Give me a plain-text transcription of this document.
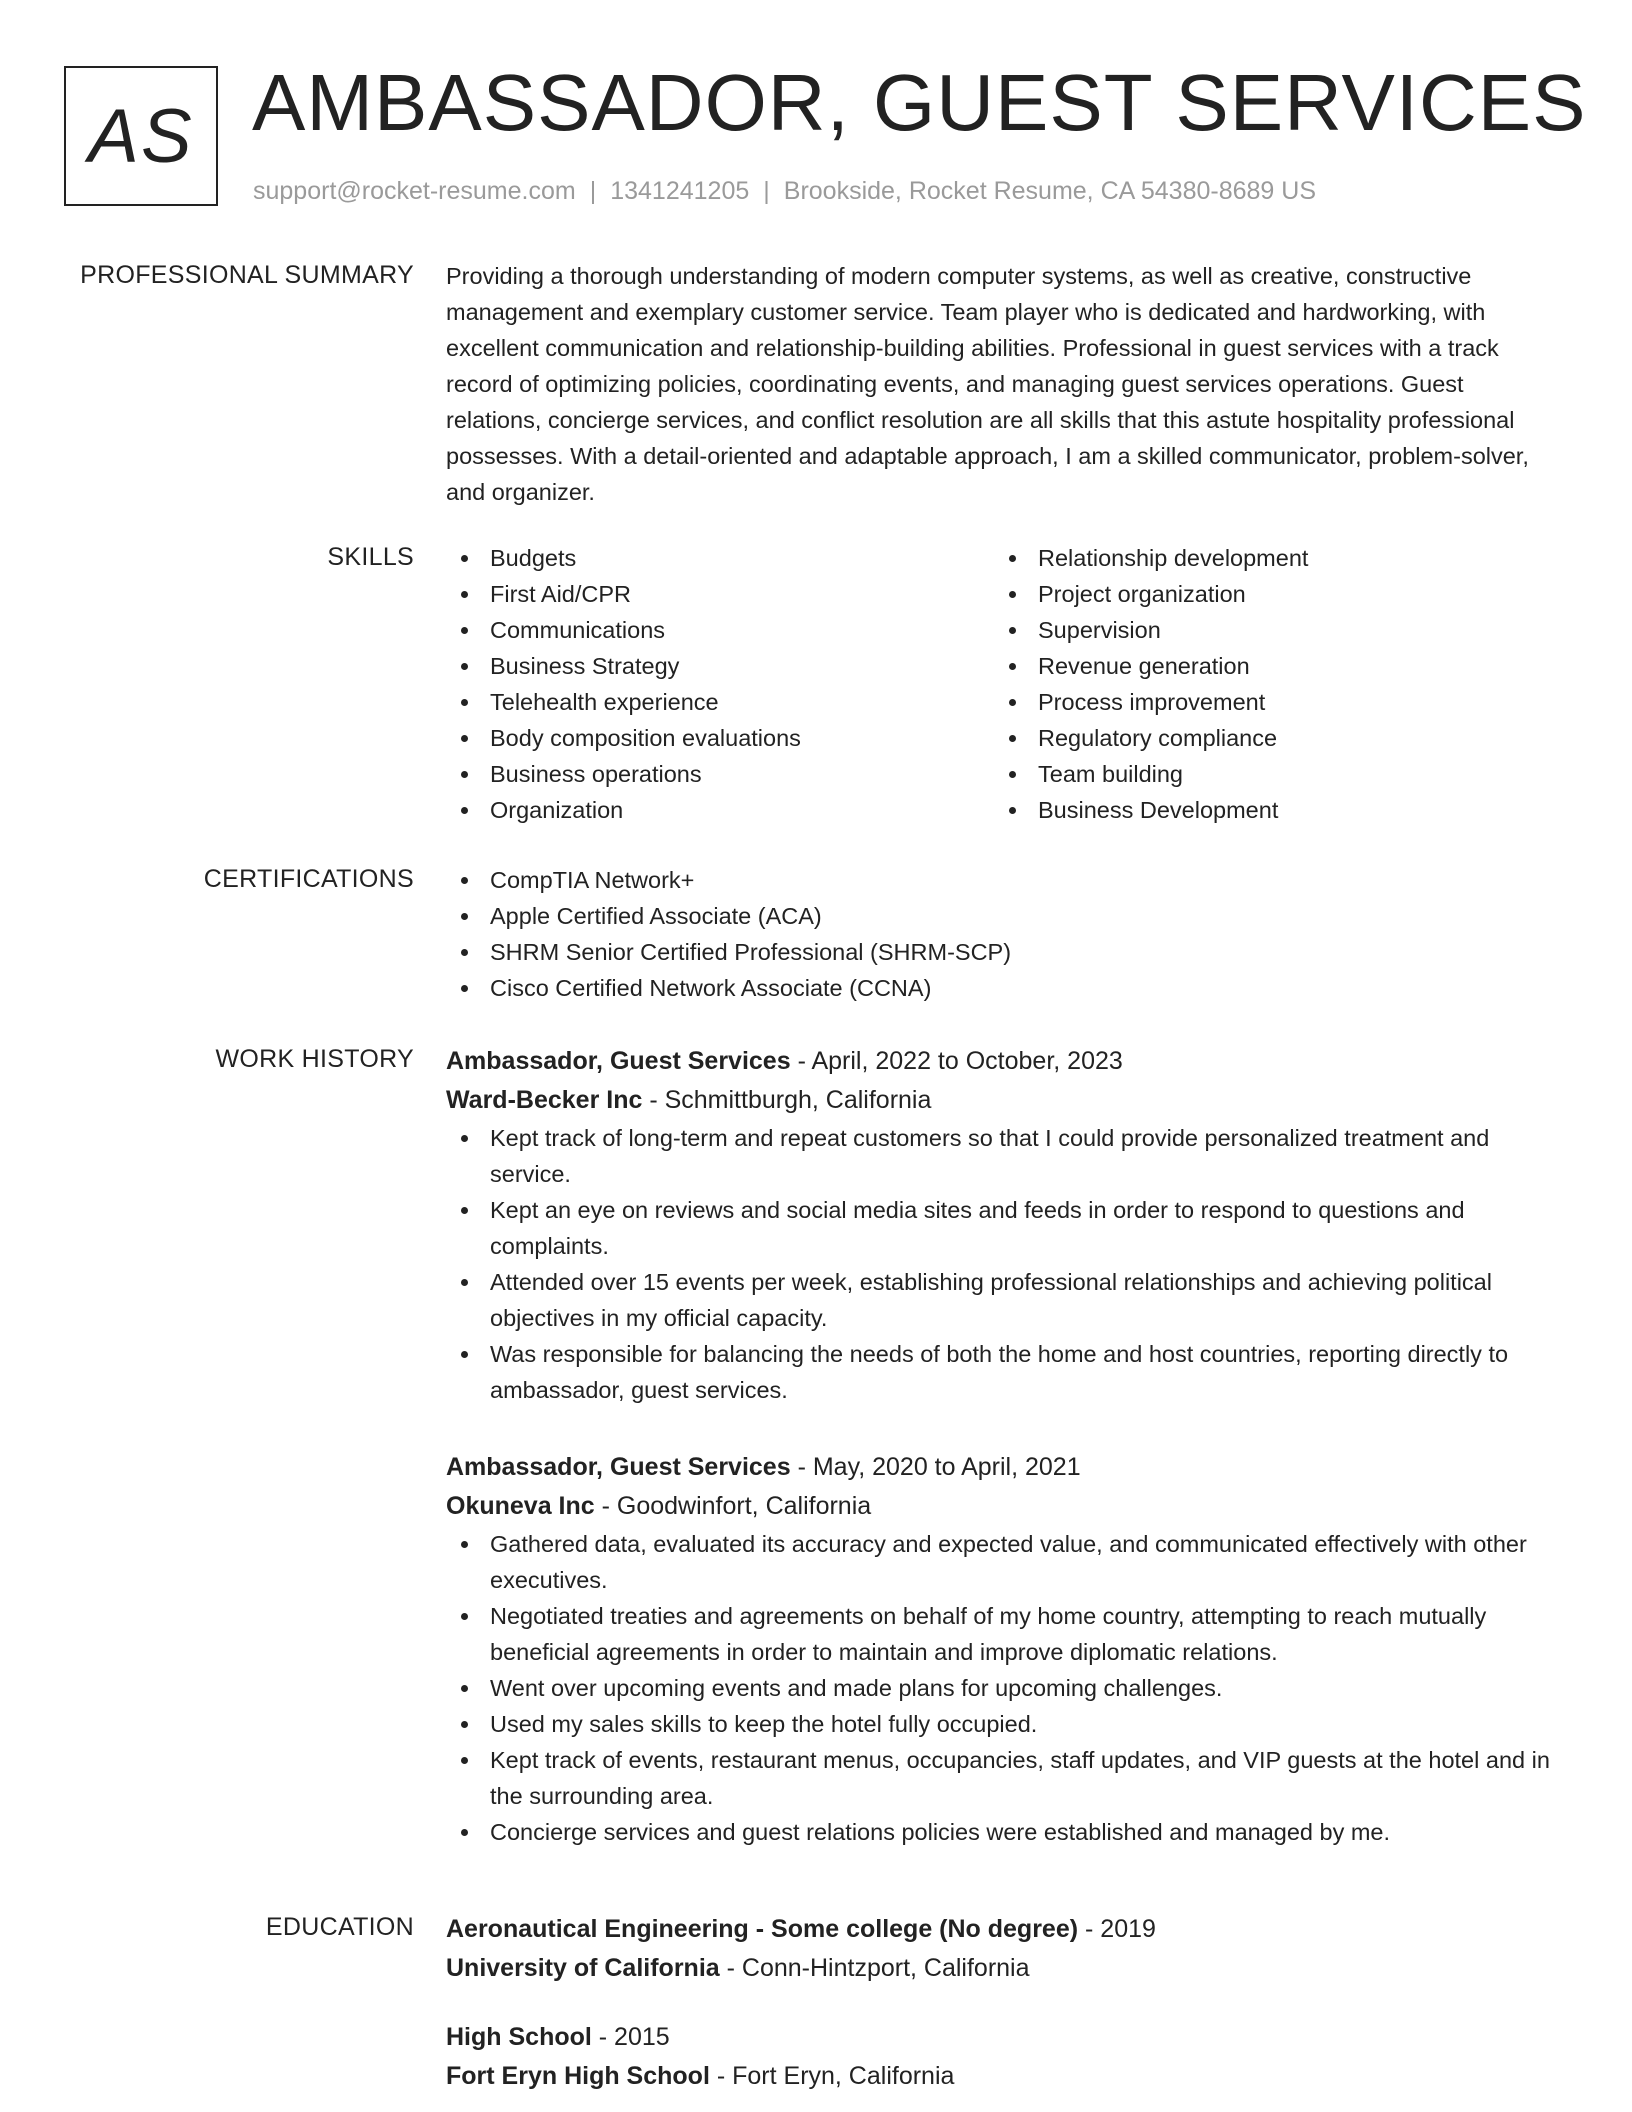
AS AMBASSADOR, GUEST SERVICES
support@rocket-resume.com | 1341241205 | Brookside, Rocket Resume, CA 54380-8689 US
PROFESSIONAL SUMMARY Providing a thorough understanding of modern computer systems, as well as creative, constructive management and exemplary customer service. Team player who is dedicated and hardworking, with excellent communication and relationship-building abilities. Professional in guest services with a track record of optimizing policies, coordinating events, and managing guest services operations. Guest relations, concierge services, and conflict resolution are all skills that this astute hospitality professional possesses. With a detail-oriented and adaptable approach, I am a skilled communicator, problem-solver, and organizer.

SKILLS	Budgets
First Aid/CPR
Communications
Business Strategy
Telehealth experience
Body composition evaluations
Business operations
Organization
Relationship development
Project organization
Supervision
Revenue generation
Process improvement
Regulatory compliance
Team building
Business Development
CERTIFICATIONS	CompTIA Network+
Apple Certified Associate (ACA)
SHRM Senior Certified Professional (SHRM-SCP)
Cisco Certified Network Associate (CCNA)
WORK HISTORY Ambassador, Guest Services - April, 2022 to October, 2023
Ward-Becker Inc - Schmittburgh, California
Kept track of long-term and repeat customers so that I could provide personalized treatment and service.
Kept an eye on reviews and social media sites and feeds in order to respond to questions and complaints.
Attended over 15 events per week, establishing professional relationships and achieving political objectives in my official capacity.
Was responsible for balancing the needs of both the home and host countries, reporting directly to ambassador, guest services.
Ambassador, Guest Services - May, 2020 to April, 2021
Okuneva Inc - Goodwinfort, California
Gathered data, evaluated its accuracy and expected value, and communicated effectively with other executives.
Negotiated treaties and agreements on behalf of my home country, attempting to reach mutually beneficial agreements in order to maintain and improve diplomatic relations.
Went over upcoming events and made plans for upcoming challenges.
Used my sales skills to keep the hotel fully occupied.
Kept track of events, restaurant menus, occupancies, staff updates, and VIP guests at the hotel and in the surrounding area.
Concierge services and guest relations policies were established and managed by me.
EDUCATION Aeronautical Engineering - Some college (No degree) - 2019
University of California - Conn-Hintzport, California
High School - 2015
Fort Eryn High School - Fort Eryn, California
